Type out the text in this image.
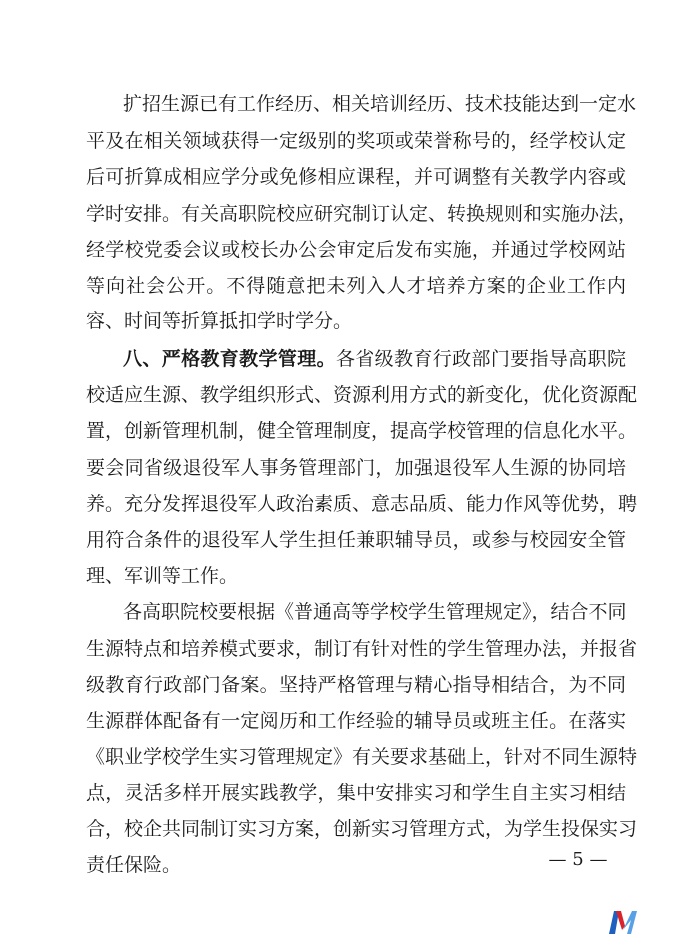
扩招生源已有工作经历、相关培训经历、技术技能达到一定水
平及在相关领域获得一定级别的奖项或荣誉称号的，经学校认定
后可折算成相应学分或免修相应课程，并可调整有关教学内容或
学时安排。有关高职院校应研究制订认定、转换规则和实施办法，
经学校党委会议或校长办公会审定后发布实施，并通过学校网站
等向社会公开。不得随意把未列入人才培养方案的企业工作内
容、时间等折算抵扣学时学分。
八、严格教育教学管理。各省级教育行政部门要指导高职院
校适应生源、教学组织形式、资源利用方式的新变化，优化资源配
置，创新管理机制，健全管理制度，提高学校管理的信息化水平。
要会同省级退役军人事务管理部门，加强退役军人生源的协同培
养。充分发挥退役军人政治素质、意志品质、能力作风等优势，聘
用符合条件的退役军人学生担任兼职辅导员，或参与校园安全管
理、军训等工作。
各高职院校要根据《普通高等学校学生管理规定》，结合不同
生源特点和培养模式要求，制订有针对性的学生管理办法，并报省
级教育行政部门备案。坚持严格管理与精心指导相结合，为不同
生源群体配备有一定阅历和工作经验的辅导员或班主任。在落实
《职业学校学生实习管理规定》有关要求基础上，针对不同生源特
点，灵活多样开展实践教学，集中安排实习和学生自主实习相结
合，校企共同制订实习方案，创新实习管理方式，为学生投保实习
责任保险。	— 5 —
